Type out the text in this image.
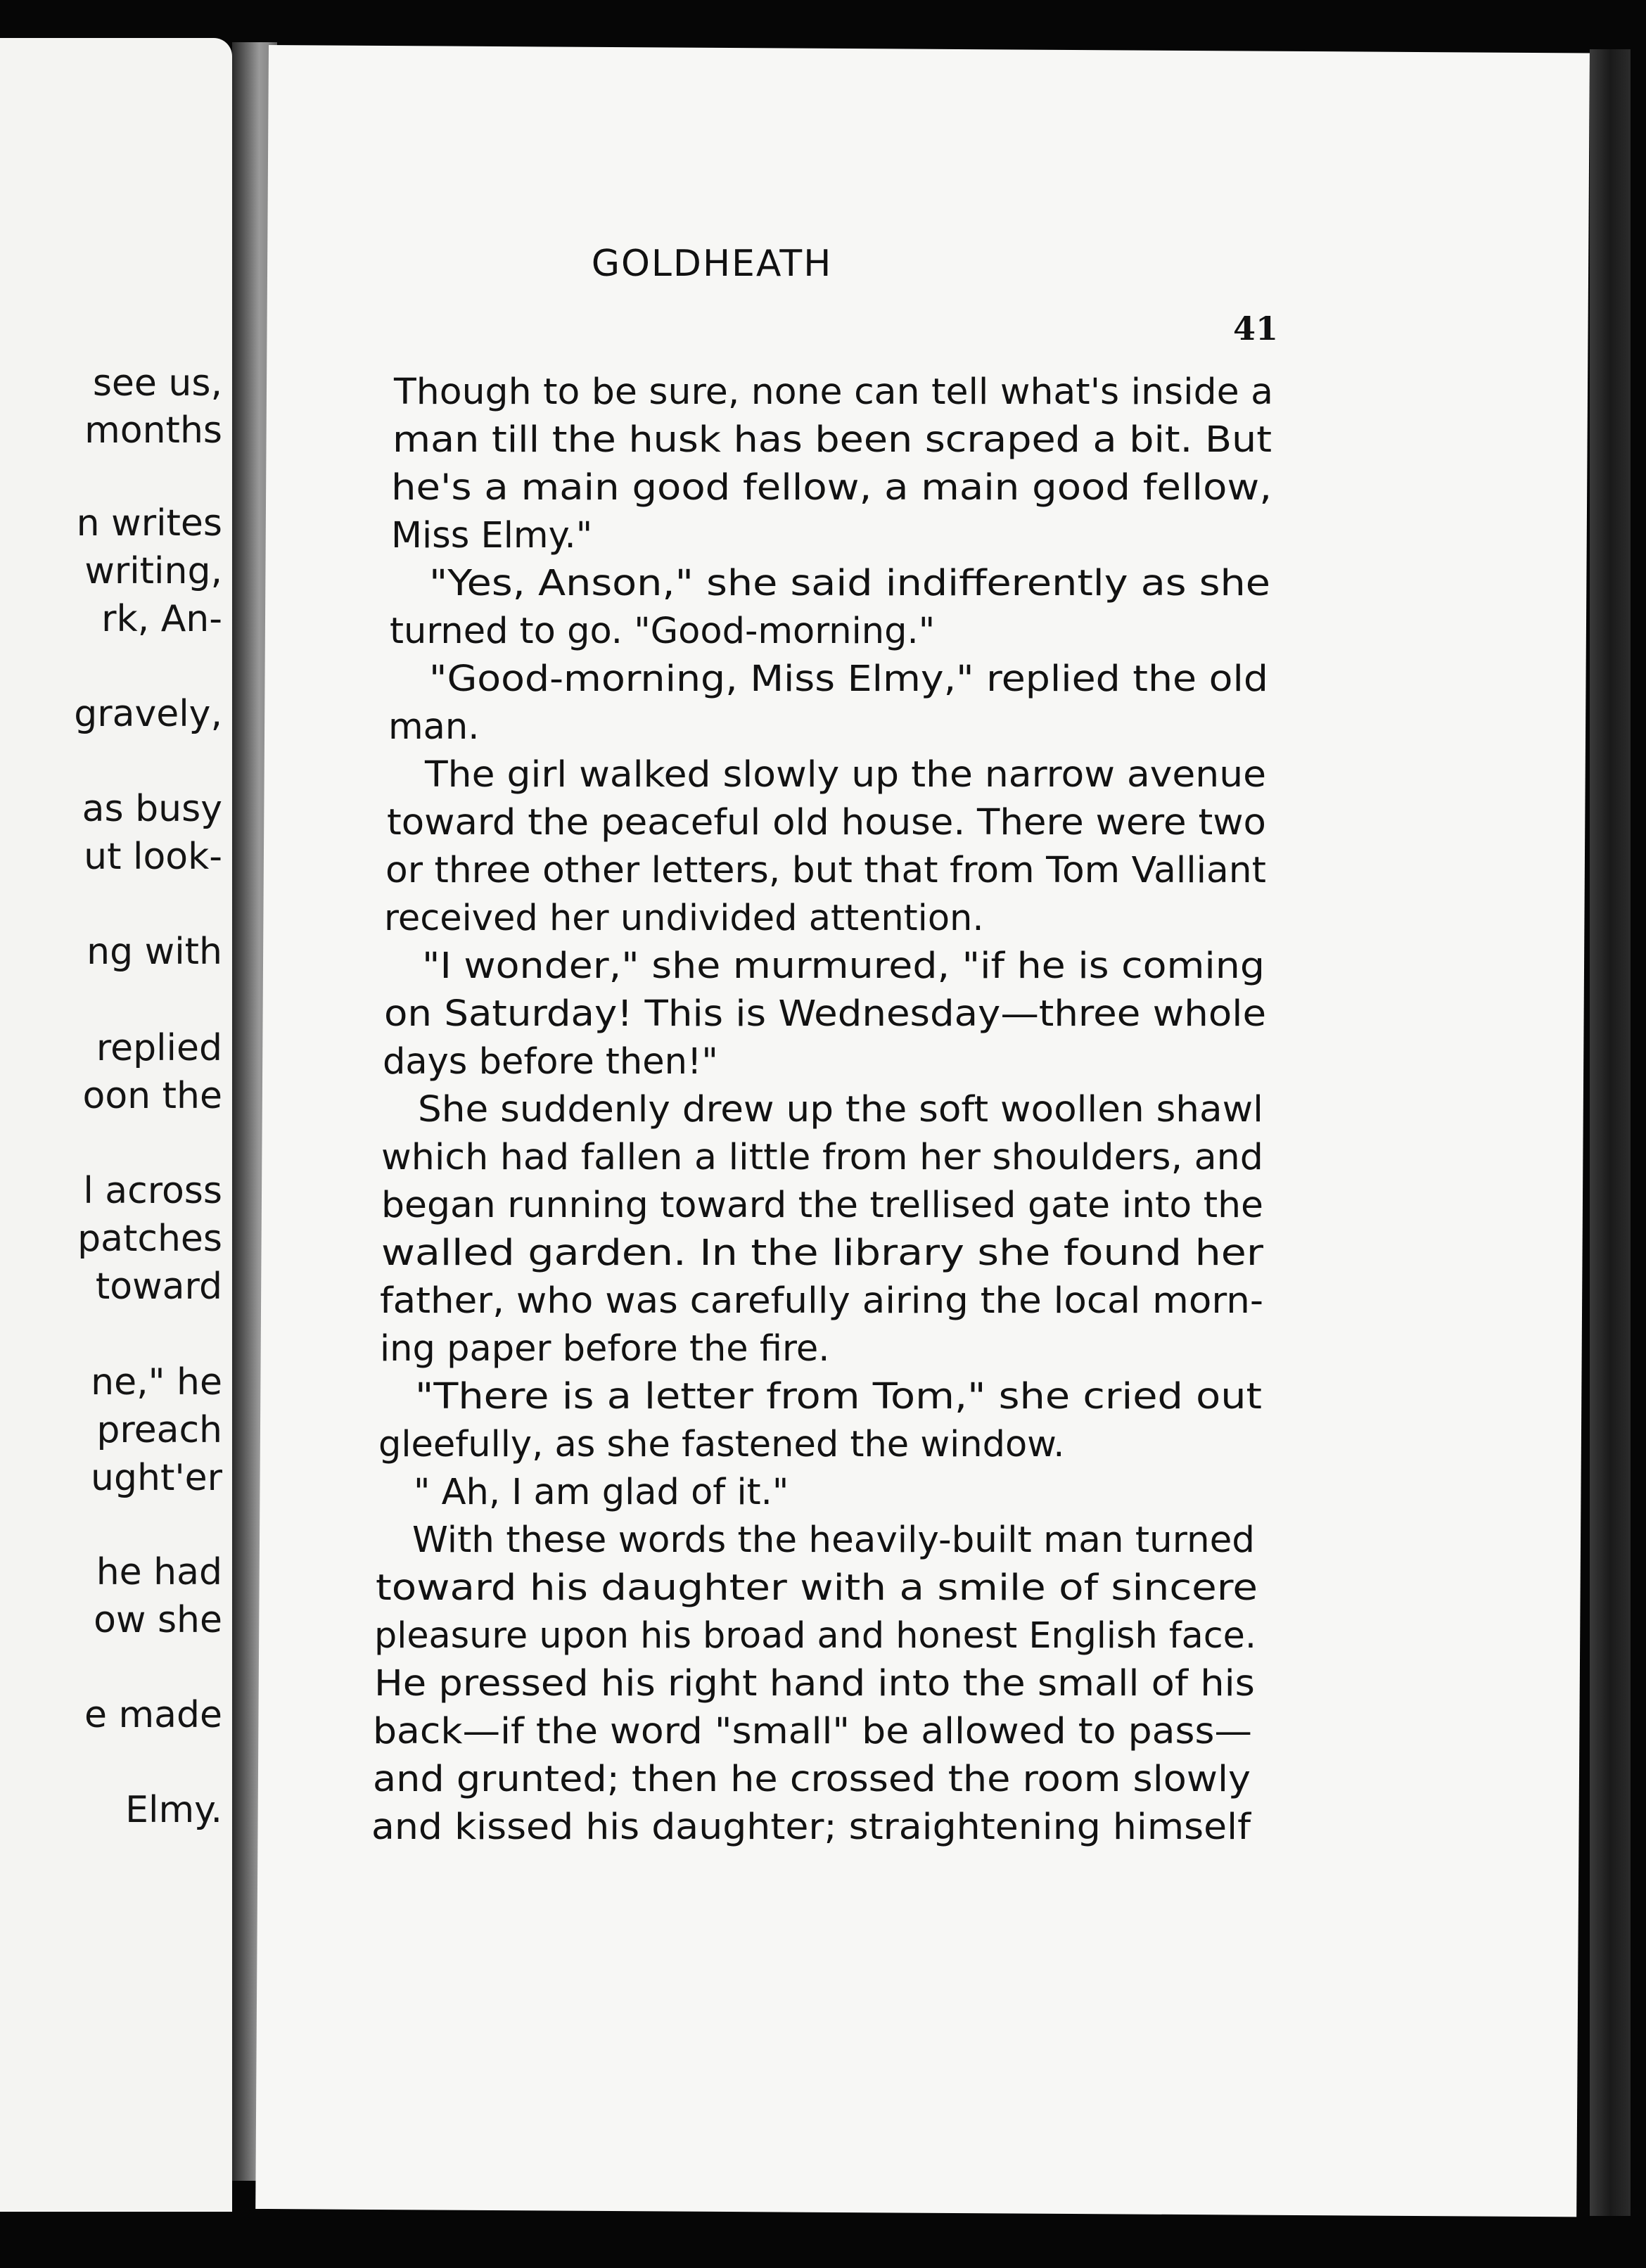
see us,
months
n writes
writing,
rk, An-
gravely,
as busy
ut look-
ng with
replied
oon the
l across
patches
toward
ne," he
preach
ught'er
he had
ow she
e made
Elmy.
GOLDHEATH
41
Though to be sure, none can tell what's inside a
man till the husk has been scraped a bit. But
he's a main good fellow, a main good fellow,
Miss Elmy."
"Yes, Anson," she said indifferently as she
turned to go. "Good-morning."
"Good-morning, Miss Elmy," replied the old
man.
The girl walked slowly up the narrow avenue
toward the peaceful old house. There were two
or three other letters, but that from Tom Valliant
received her undivided attention.
"I wonder," she murmured, "if he is coming
on Saturday! This is Wednesday—three whole
days before then!"
She suddenly drew up the soft woollen shawl
which had fallen a little from her shoulders, and
began running toward the trellised gate into the
walled garden. In the library she found her
father, who was carefully airing the local morn-
ing paper before the fire.
"There is a letter from Tom," she cried out
gleefully, as she fastened the window.
" Ah, I am glad of it."
With these words the heavily-built man turned
toward his daughter with a smile of sincere
pleasure upon his broad and honest English face.
He pressed his right hand into the small of his
back—if the word "small" be allowed to pass—
and grunted; then he crossed the room slowly
and kissed his daughter; straightening himself
